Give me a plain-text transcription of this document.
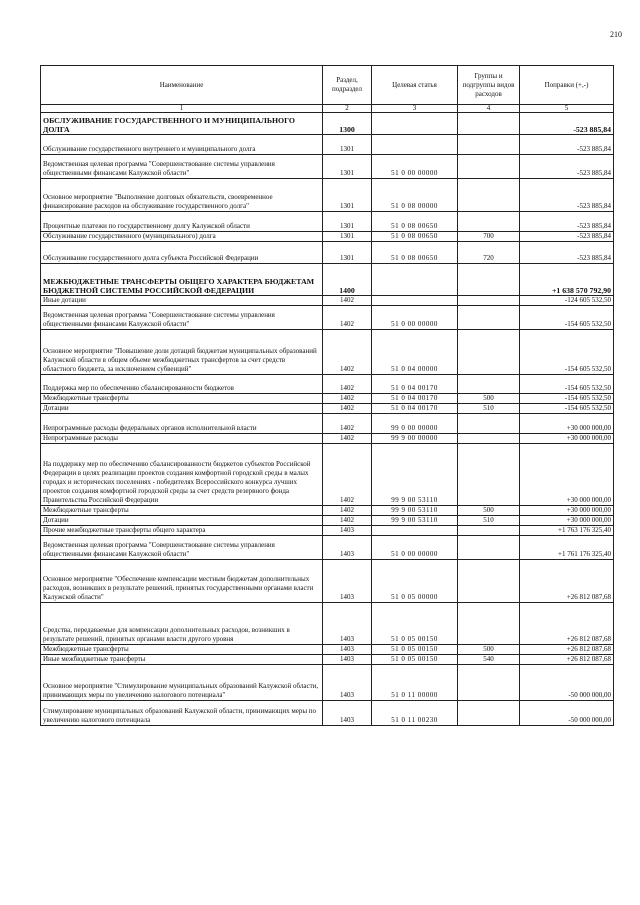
210
Наименование	Раздел, подраздел	Целевая статья	Группы и подгруппы видов расходов	Поправки (+,-)
1	2	3	4	5
ОБСЛУЖИВАНИЕ ГОСУДАРСТВЕННОГО И МУНИЦИПАЛЬНОГО ДОЛГА	1300			-523 885,84
Обслуживание государственного внутреннего и муниципального долга	1301			-523 885,84
Ведомственная целевая программа "Совершенствование системы управления общественными финансами Калужской области"	1301	51 0 00 00000		-523 885,84
Основное мероприятие "Выполнение долговых обязательств, своевременное финансирование расходов на обслуживание государственного долга"	1301	51 0 08 00000		-523 885,84
Процентные платежи по государственному долгу Калужской области	1301	51 0 08 00650		-523 885,84
Обслуживание государственного (муниципального) долга	1301	51 0 08 00650	700	-523 885,84
Обслуживание государственного долга субъекта Российской Федерации	1301	51 0 08 00650	720	-523 885,84
МЕЖБЮДЖЕТНЫЕ ТРАНСФЕРТЫ ОБЩЕГО ХАРАКТЕРА БЮДЖЕТАМ БЮДЖЕТНОЙ СИСТЕМЫ РОССИЙСКОЙ ФЕДЕРАЦИИ	1400			+1 638 570 792,90
Иные дотации	1402			-124 605 532,50
Ведомственная целевая программа "Совершенствование системы управления общественными финансами Калужской области"	1402	51 0 00 00000		-154 605 532,50
Основное мероприятие "Повышение доли дотаций бюджетам муниципальных образований Калужской области в общем объеме межбюджетных трансфертов за счет средств областного бюджета, за исключением субвенций"	1402	51 0 04 00000		-154 605 532,50
Поддержка мер по обеспечению сбалансированности бюджетов	1402	51 0 04 00170		-154 605 532,50
Межбюджетные трансферты	1402	51 0 04 00170	500	-154 605 532,50
Дотации	1402	51 0 04 00170	510	-154 605 532,50
Непрограммные расходы федеральных органов исполнительной власти	1402	99 0 00 00000		+30 000 000,00
Непрограммные расходы	1402	99 9 00 00000		+30 000 000,00
На поддержку мер по обеспечению сбалансированности бюджетов субъектов Российской Федерации в целях реализации проектов создания комфортной городской среды в малых городах и исторических поселениях - победителях Всероссийского конкурса лучших проектов создания комфортной городской среды за счет средств резервного фонда Правительства Российской Федерации	1402	99 9 00 53110		+30 000 000,00
Межбюджетные трансферты	1402	99 9 00 53110	500	+30 000 000,00
Дотации	1402	99 9 00 53110	510	+30 000 000,00
Прочие межбюджетные трансферты общего характера	1403			+1 763 176 325,40
Ведомственная целевая программа "Совершенствование системы управления общественными финансами Калужской области"	1403	51 0 00 00000		+1 761 176 325,40
Основное мероприятие "Обеспечение компенсации местным бюджетам дополнительных расходов, возникших в результате решений, принятых государственными органами власти Калужской области"	1403	51 0 05 00000		+26 812 087,68
Средства, передаваемые для компенсации дополнительных расходов, возникших в результате решений, принятых органами власти другого уровня	1403	51 0 05 00150		+26 812 087,68
Межбюджетные трансферты	1403	51 0 05 00150	500	+26 812 087,68
Иные межбюджетные трансферты	1403	51 0 05 00150	540	+26 812 087,68
Основное мероприятие "Стимулирование муниципальных образований Калужской области, принимающих меры по увеличению налогового потенциала"	1403	51 0 11 00000		-50 000 000,00
Стимулирование муниципальных образований Калужской области, принимающих меры по увеличению налогового потенциала	1403	51 0 11 00230		-50 000 000,00
